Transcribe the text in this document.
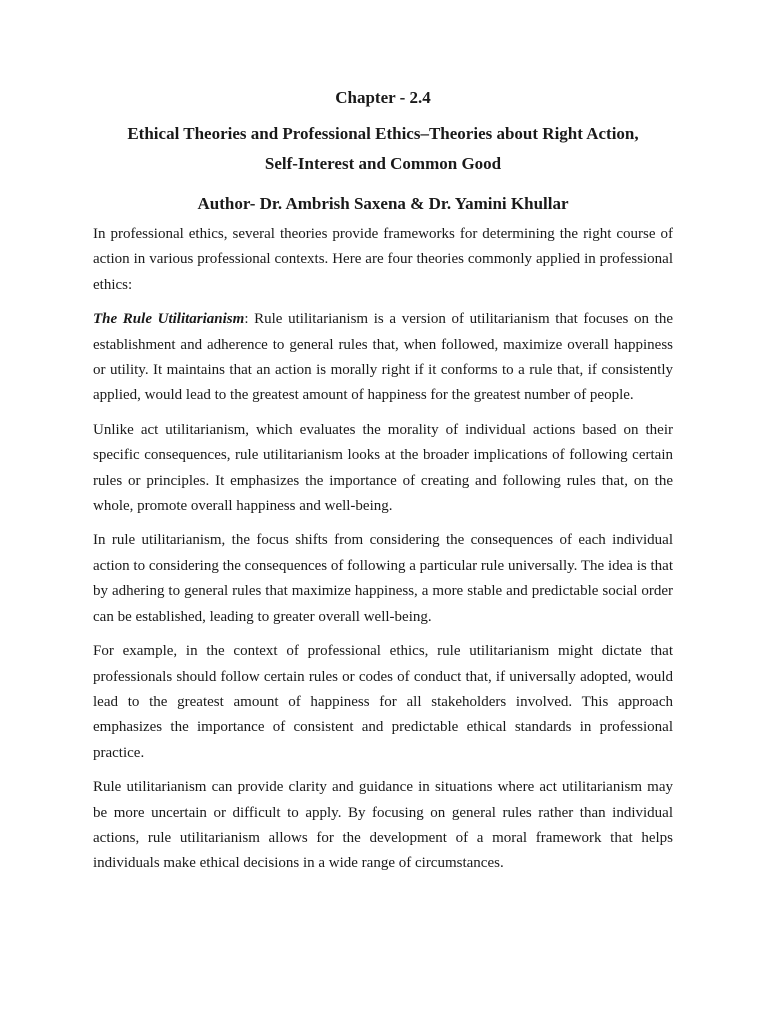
Chapter - 2.4
Ethical Theories and Professional Ethics–Theories about Right Action,
Self-Interest and Common Good
Author- Dr. Ambrish Saxena & Dr. Yamini Khullar

In professional ethics, several theories provide frameworks for determining the right course of action in various professional contexts. Here are four theories commonly applied in professional ethics:

The Rule Utilitarianism: Rule utilitarianism is a version of utilitarianism that focuses on the establishment and adherence to general rules that, when followed, maximize overall happiness or utility. It maintains that an action is morally right if it conforms to a rule that, if consistently applied, would lead to the greatest amount of happiness for the greatest number of people.

Unlike act utilitarianism, which evaluates the morality of individual actions based on their specific consequences, rule utilitarianism looks at the broader implications of following certain rules or principles. It emphasizes the importance of creating and following rules that, on the whole, promote overall happiness and well-being.

In rule utilitarianism, the focus shifts from considering the consequences of each individual action to considering the consequences of following a particular rule universally. The idea is that by adhering to general rules that maximize happiness, a more stable and predictable social order can be established, leading to greater overall well-being.

For example, in the context of professional ethics, rule utilitarianism might dictate that professionals should follow certain rules or codes of conduct that, if universally adopted, would lead to the greatest amount of happiness for all stakeholders involved. This approach emphasizes the importance of consistent and predictable ethical standards in professional practice.

Rule utilitarianism can provide clarity and guidance in situations where act utilitarianism may be more uncertain or difficult to apply. By focusing on general rules rather than individual actions, rule utilitarianism allows for the development of a moral framework that helps individuals make ethical decisions in a wide range of circumstances.
